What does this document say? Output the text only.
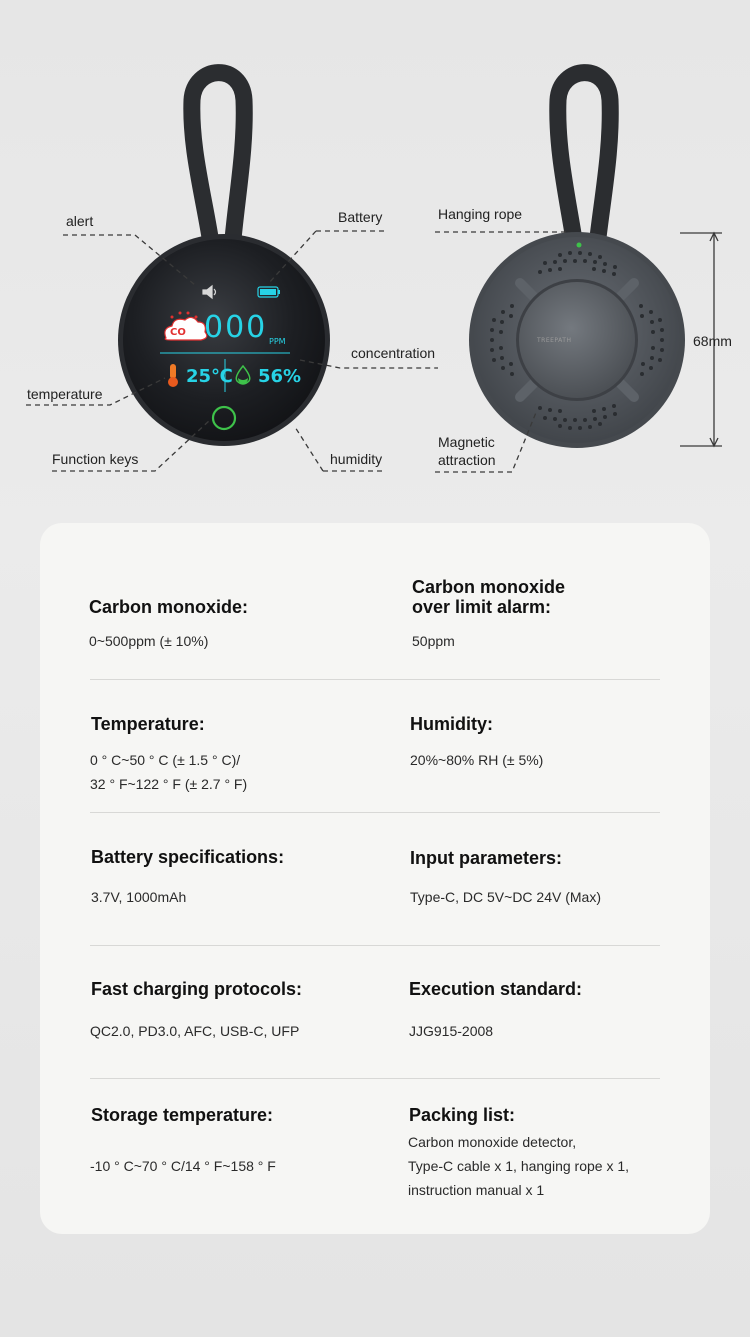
CO 000 PPM
25℃ 56%
TREEPATH
alert	Battery	Hanging rope
concentration
68mm
temperature
Function keys	humidity
Magnetic attraction
Carbon monoxide:
0~500ppm (± 10%)
Carbon monoxide
over limit alarm:
50ppm
Temperature:
0 ° C~50 ° C (± 1.5 ° C)/
32 ° F~122 ° F (± 2.7 ° F)
Humidity:
20%~80% RH (± 5%)
Battery specifications:
3.7V, 1000mAh
Input parameters:
Type-C, DC 5V~DC 24V (Max)
Fast charging protocols:
QC2.0, PD3.0, AFC, USB-C, UFP
Execution standard:
JJG915-2008
Storage temperature:
-10 ° C~70 ° C/14 ° F~158 ° F
Packing list:
Carbon monoxide detector,
Type-C cable x 1, hanging rope x 1,
instruction manual x 1
